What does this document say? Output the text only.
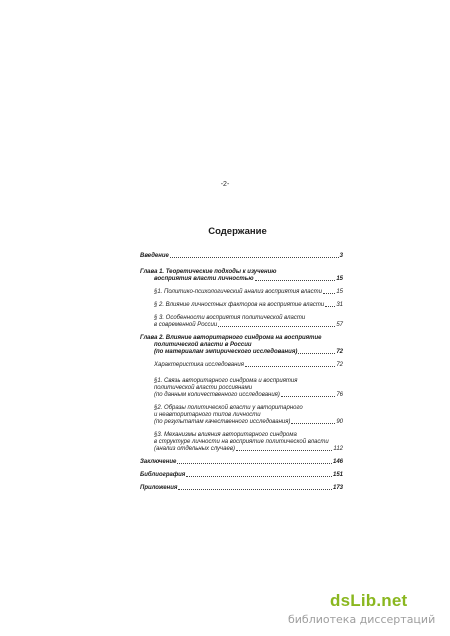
-2-
Содержание
Введение	3
Глава 1. Теоретические подходы к изучению
восприятия власти личностью	15
§1. Политико-психологический анализ восприятия власти 15
§ 2. Влияние личностных факторов на восприятие власти 31
§ 3. Особенности восприятия политической власти
в современной России	57
Глава 2. Влияние авторитарного синдрома на восприятие
политической власти в России
(по материалам эмпирического исследования)	72
Характеристика исследования	72
§1. Связь авторитарного синдрома и восприятия
политической власти россиянами
(по данным количественного исследования)	76
§2. Образы политической власти у авторитарного
и неавторитарного типов личности
(по результатам качественного исследования)	90
§3. Механизмы влияния авторитарного синдрома
в структуре личности на восприятие политической власти
(анализ отдельных случаев)	112
Заключение	146
Библиография	151
Приложения	173
dsLib.net
библиотека диссертаций
